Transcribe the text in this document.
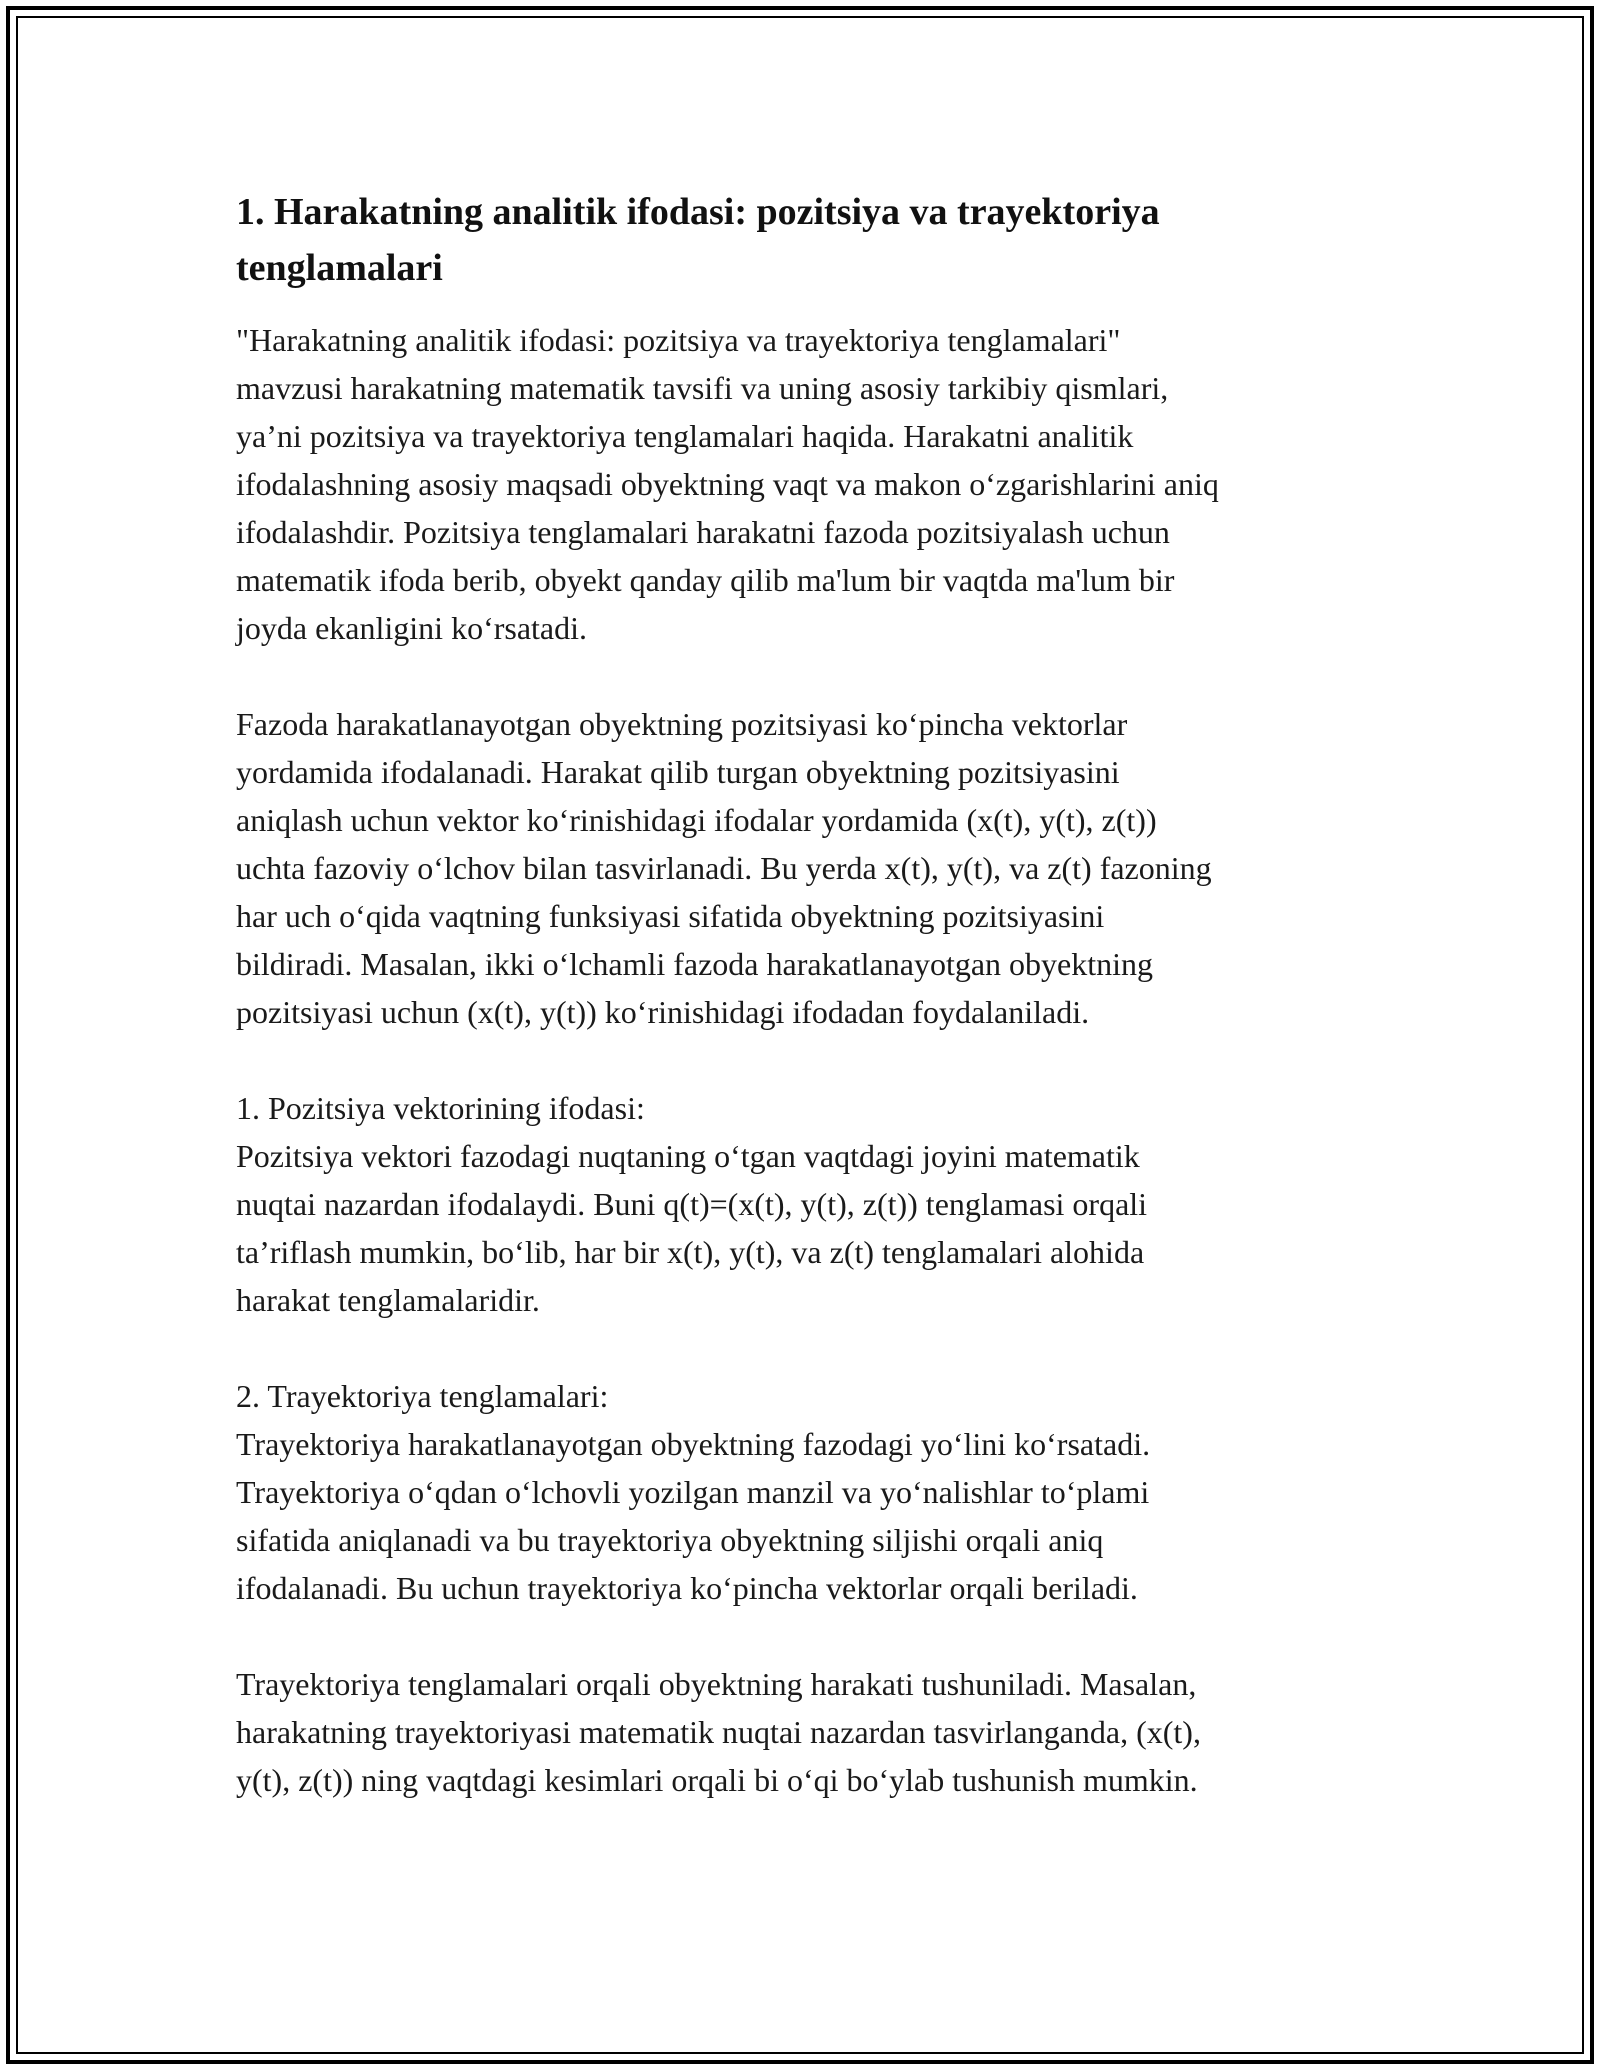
1. Harakatning analitik ifodasi: pozitsiya va trayektoriya tenglamalari

"Harakatning analitik ifodasi: pozitsiya va trayektoriya tenglamalari"
mavzusi harakatning matematik tavsifi va uning asosiy tarkibiy qismlari,
ya’ni pozitsiya va trayektoriya tenglamalari haqida. Harakatni analitik
ifodalashning asosiy maqsadi obyektning vaqt va makon o‘zgarishlarini aniq
ifodalashdir. Pozitsiya tenglamalari harakatni fazoda pozitsiyalash uchun
matematik ifoda berib, obyekt qanday qilib ma'lum bir vaqtda ma'lum bir
joyda ekanligini ko‘rsatadi.

Fazoda harakatlanayotgan obyektning pozitsiyasi ko‘pincha vektorlar
yordamida ifodalanadi. Harakat qilib turgan obyektning pozitsiyasini
aniqlash uchun vektor ko‘rinishidagi ifodalar yordamida (x(t), y(t), z(t))
uchta fazoviy o‘lchov bilan tasvirlanadi. Bu yerda x(t), y(t), va z(t) fazoning
har uch o‘qida vaqtning funksiyasi sifatida obyektning pozitsiyasini
bildiradi. Masalan, ikki o‘lchamli fazoda harakatlanayotgan obyektning
pozitsiyasi uchun (x(t), y(t)) ko‘rinishidagi ifodadan foydalaniladi.

1. Pozitsiya vektorining ifodasi:
Pozitsiya vektori fazodagi nuqtaning o‘tgan vaqtdagi joyini matematik
nuqtai nazardan ifodalaydi. Buni q(t)=(x(t), y(t), z(t)) tenglamasi orqali
ta’riflash mumkin, bo‘lib, har bir x(t), y(t), va z(t) tenglamalari alohida
harakat tenglamalaridir.

2. Trayektoriya tenglamalari:
Trayektoriya harakatlanayotgan obyektning fazodagi yo‘lini ko‘rsatadi.
Trayektoriya o‘qdan o‘lchovli yozilgan manzil va yo‘nalishlar to‘plami
sifatida aniqlanadi va bu trayektoriya obyektning siljishi orqali aniq
ifodalanadi. Bu uchun trayektoriya ko‘pincha vektorlar orqali beriladi.

Trayektoriya tenglamalari orqali obyektning harakati tushuniladi. Masalan,
harakatning trayektoriyasi matematik nuqtai nazardan tasvirlanganda, (x(t),
y(t), z(t)) ning vaqtdagi kesimlari orqali bi o‘qi bo‘ylab tushunish mumkin.
